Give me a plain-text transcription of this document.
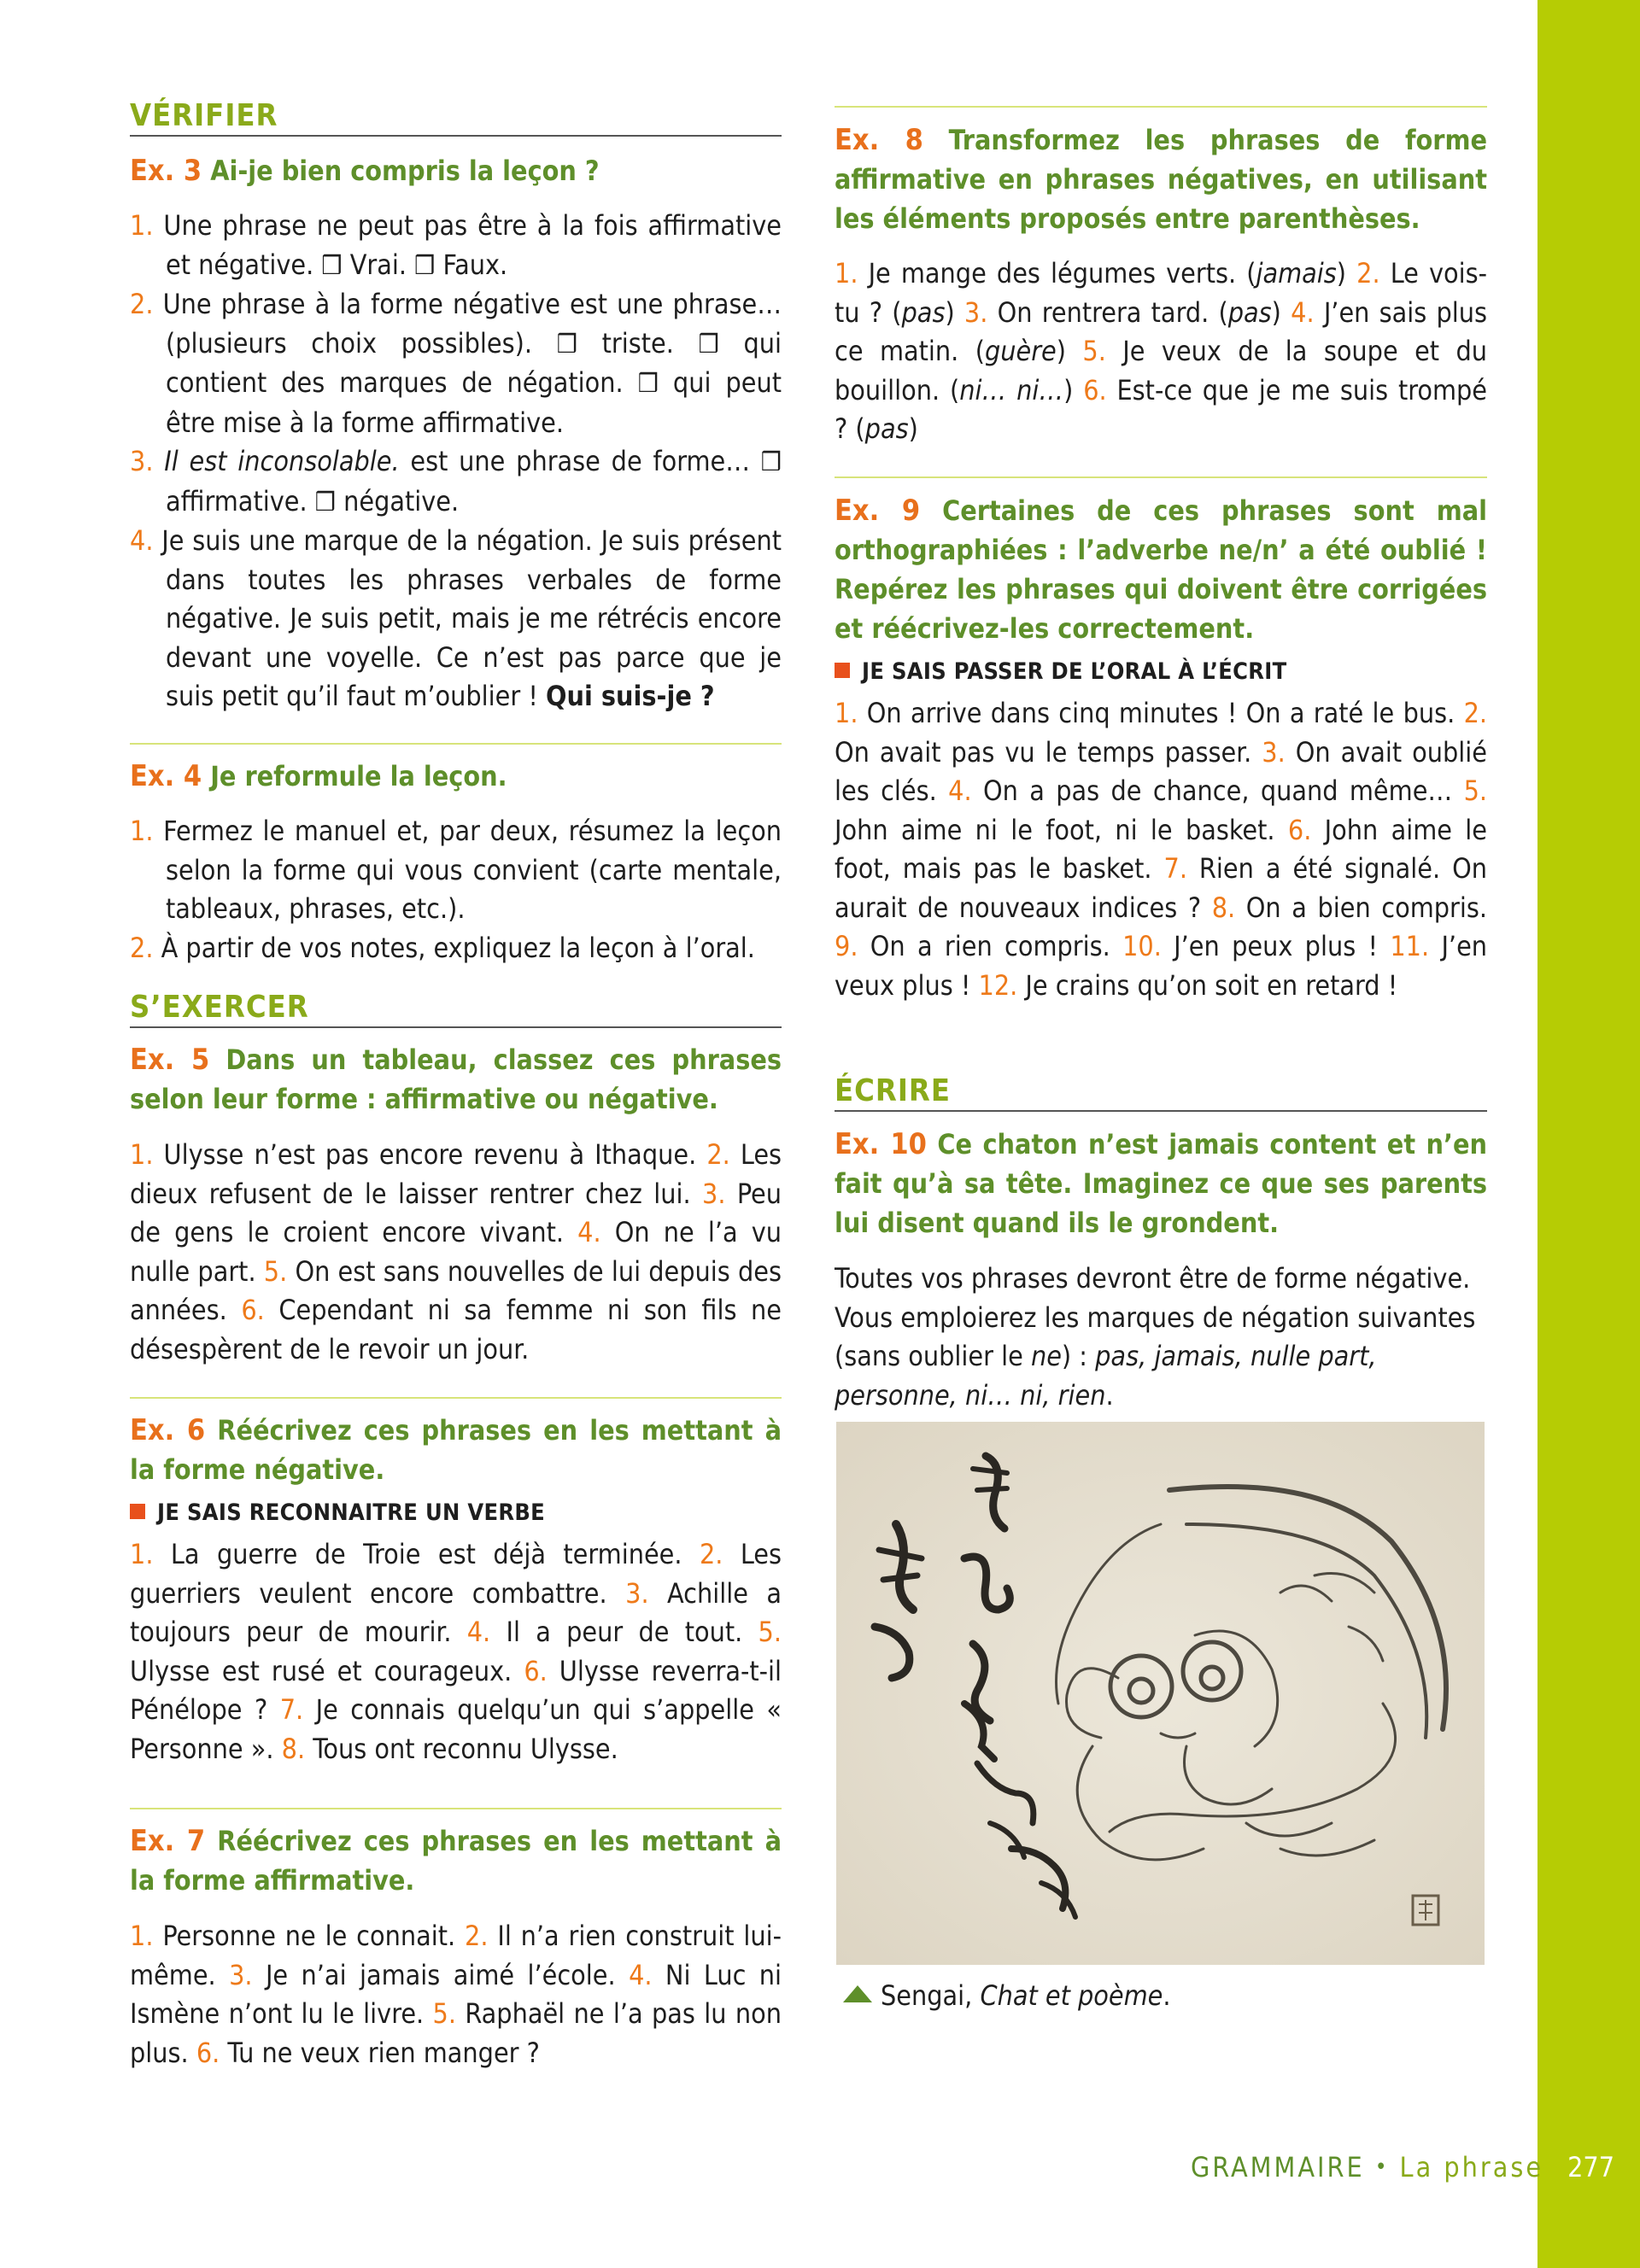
VÉRIFIER
Ex. 3 Ai-je bien compris la leçon ?
1. Une phrase ne peut pas être à la fois affirmative et négative. ❒ Vrai. ❒ Faux.
2. Une phrase à la forme négative est une phrase… (plusieurs choix possibles). ❒ triste. ❒ qui contient des marques de négation. ❒ qui peut être mise à la forme affirmative.
3. Il est inconsolable. est une phrase de forme… ❒ affirmative. ❒ négative.
4. Je suis une marque de la négation. Je suis présent dans toutes les phrases verbales de forme négative. Je suis petit, mais je me rétrécis encore devant une voyelle. Ce n’est pas parce que je suis petit qu’il faut m’oublier ! Qui suis-je ?
Ex. 4 Je reformule la leçon.
1. Fermez le manuel et, par deux, résumez la leçon selon la forme qui vous convient (carte mentale, tableaux, phrases, etc.).
2. À partir de vos notes, expliquez la leçon à l’oral.
S’EXERCER
Ex. 5 Dans un tableau, classez ces phrases selon leur forme : affirmative ou négative.
1. Ulysse n’est pas encore revenu à Ithaque. 2. Les dieux refusent de le laisser rentrer chez lui. 3. Peu de gens le croient encore vivant. 4. On ne l’a vu nulle part. 5. On est sans nouvelles de lui depuis des années. 6. Cependant ni sa femme ni son fils ne désespèrent de le revoir un jour.
Ex. 6 Réécrivez ces phrases en les mettant à la forme négative.
JE SAIS RECONNAITRE UN VERBE
1. La guerre de Troie est déjà terminée. 2. Les guerriers veulent encore combattre. 3. Achille a toujours peur de mourir. 4. Il a peur de tout. 5. Ulysse est rusé et courageux. 6. Ulysse reverra-t-il Pénélope ? 7. Je connais quelqu’un qui s’appelle « Personne ». 8. Tous ont reconnu Ulysse.
Ex. 7 Réécrivez ces phrases en les mettant à la forme affirmative.
1. Personne ne le connait. 2. Il n’a rien construit lui-même. 3. Je n’ai jamais aimé l’école. 4. Ni Luc ni Ismène n’ont lu le livre. 5. Raphaël ne l’a pas lu non plus. 6. Tu ne veux rien manger ?
Ex. 8 Transformez les phrases de forme affirmative en phrases négatives, en utilisant les éléments proposés entre parenthèses.
1. Je mange des légumes verts. (jamais) 2. Le vois-tu ? (pas) 3. On rentrera tard. (pas) 4. J’en sais plus ce matin. (guère) 5. Je veux de la soupe et du bouillon. (ni… ni…) 6. Est-ce que je me suis trompé ? (pas)
Ex. 9 Certaines de ces phrases sont mal orthographiées : l’adverbe ne/n’ a été oublié ! Repérez les phrases qui doivent être corrigées et réécrivez-les correctement.
JE SAIS PASSER DE L’ORAL À L’ÉCRIT
1. On arrive dans cinq minutes ! On a raté le bus. 2. On avait pas vu le temps passer. 3. On avait oublié les clés. 4. On a pas de chance, quand même… 5. John aime ni le foot, ni le basket. 6. John aime le foot, mais pas le basket. 7. Rien a été signalé. On aurait de nouveaux indices ? 8. On a bien compris. 9. On a rien compris. 10. J’en peux plus ! 11. J’en veux plus ! 12. Je crains qu’on soit en retard !
ÉCRIRE
Ex. 10 Ce chaton n’est jamais content et n’en fait qu’à sa tête. Imaginez ce que ses parents lui disent quand ils le grondent.
Toutes vos phrases devront être de forme négative. Vous emploierez les marques de négation suivantes (sans oublier le ne) : pas, jamais, nulle part, personne, ni… ni, rien.
Sengai, Chat et poème.
GRAMMAIRE • La phrase 277
